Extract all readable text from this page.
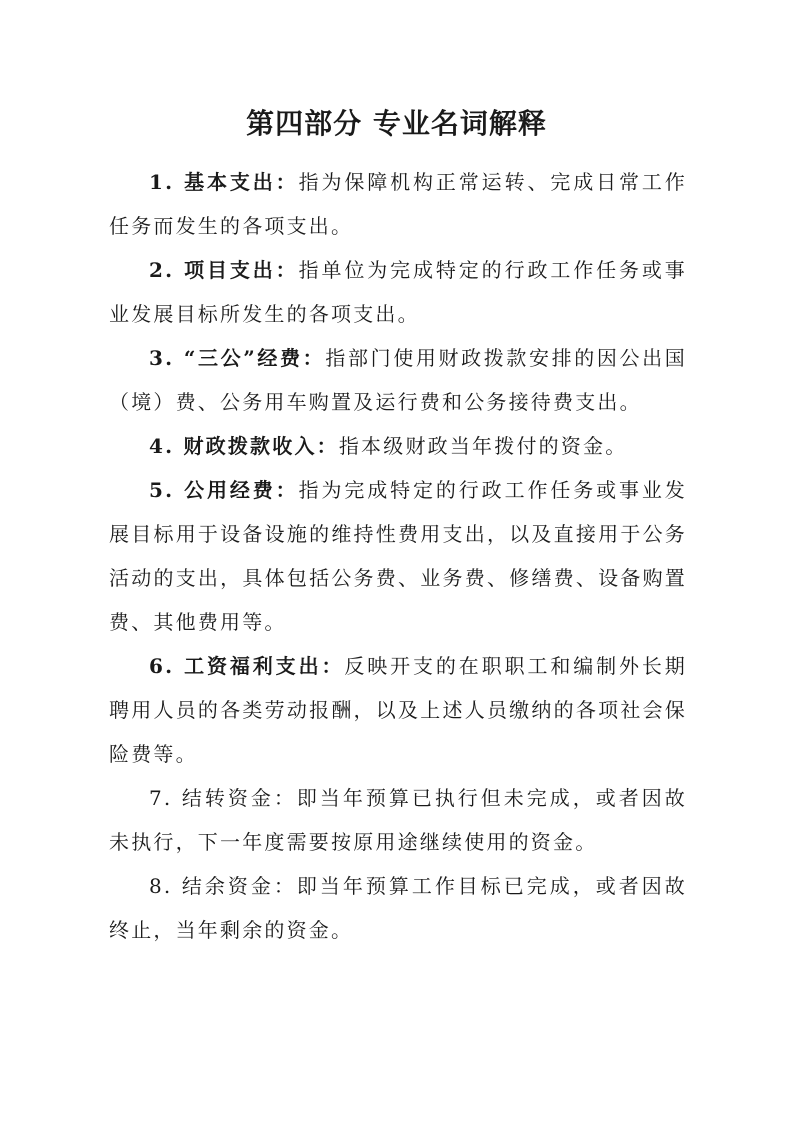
第四部分 专业名词解释

1. 基本支出：指为保障机构正常运转、完成日常工作任务而发生的各项支出。

2. 项目支出：指单位为完成特定的行政工作任务或事业发展目标所发生的各项支出。

3. “三公”经费：指部门使用财政拨款安排的因公出国（境）费、公务用车购置及运行费和公务接待费支出。

4. 财政拨款收入：指本级财政当年拨付的资金。

5. 公用经费：指为完成特定的行政工作任务或事业发展目标用于设备设施的维持性费用支出，以及直接用于公务活动的支出，具体包括公务费、业务费、修缮费、设备购置费、其他费用等。

6. 工资福利支出：反映开支的在职职工和编制外长期聘用人员的各类劳动报酬，以及上述人员缴纳的各项社会保险费等。

7. 结转资金：即当年预算已执行但未完成，或者因故未执行，下一年度需要按原用途继续使用的资金。

8. 结余资金：即当年预算工作目标已完成，或者因故终止，当年剩余的资金。
